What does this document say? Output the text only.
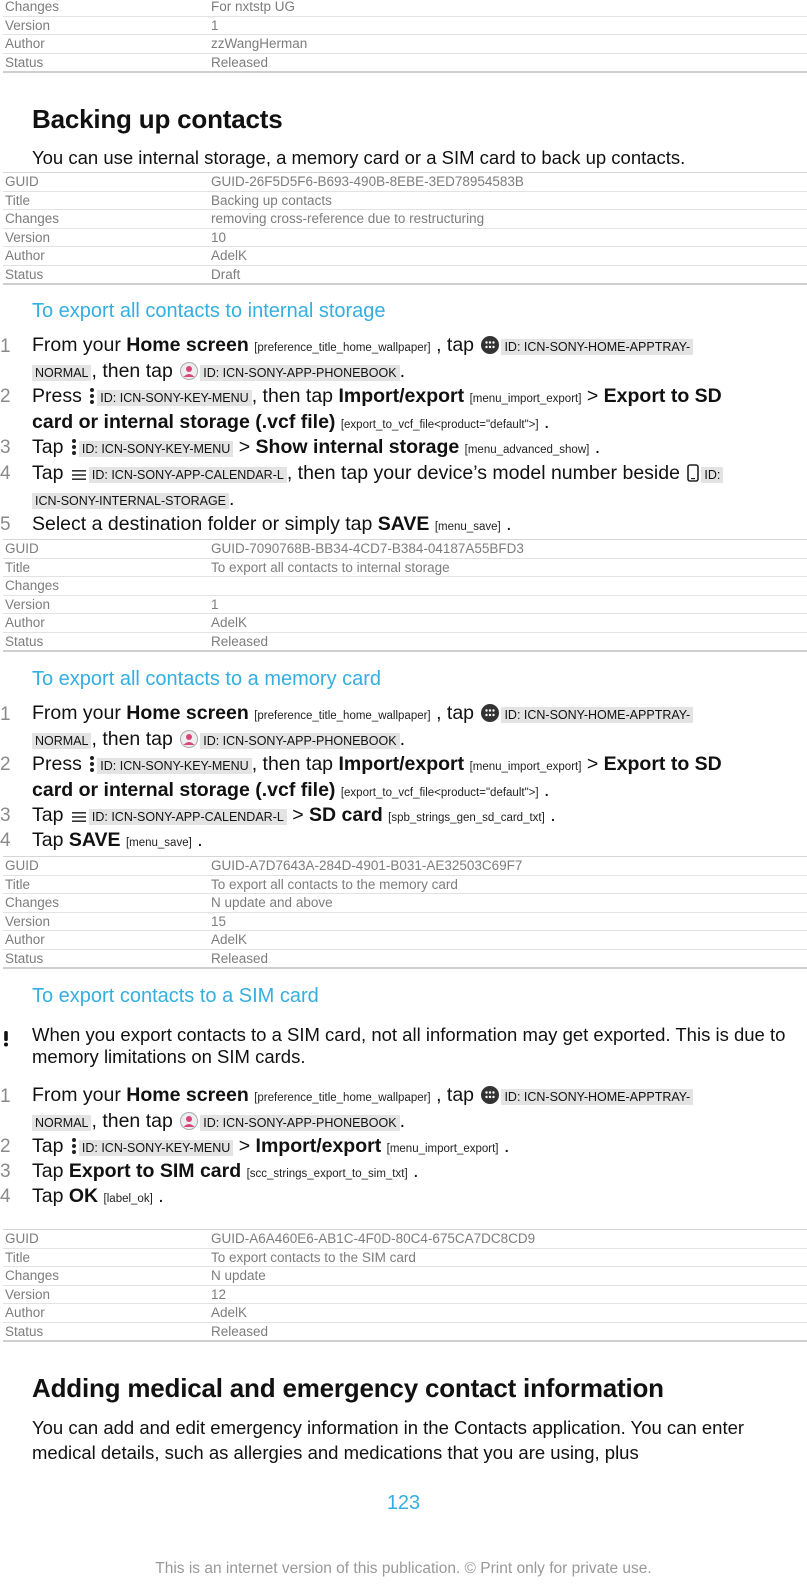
Changes	For nxtstp UG
Version	1
Author	zzWangHerman
Status	Released
Backing up contacts
You can use internal storage, a memory card or a SIM card to back up contacts.
GUID	GUID-26F5D5F6-B693-490B-8EBE-3ED78954583B
Title	Backing up contacts
Changes	removing cross-reference due to restructuring
Version	10
Author	AdelK
Status	Draft
To export all contacts to internal storage
1 From your Home screen [preference_title_home_wallpaper] , tap ID: ICN-SONY-HOME-APPTRAY-
NORMAL , then tap ID: ICN-SONY-APP-PHONEBOOK .
2 Press ID: ICN-SONY-KEY-MENU , then tap Import/export [menu_import_export] > Export to SD
card or internal storage (.vcf file) [export_to_vcf_file<product="default">] .
3 Tap ID: ICN-SONY-KEY-MENU > Show internal storage [menu_advanced_show] .
4 Tap ID: ICN-SONY-APP-CALENDAR-L , then tap your device’s model number beside ID:
ICN-SONY-INTERNAL-STORAGE .
5 Select a destination folder or simply tap SAVE [menu_save] .
GUID	GUID-7090768B-BB34-4CD7-B384-04187A55BFD3
Title	To export all contacts to internal storage
Changes
Version	1
Author	AdelK
Status	Released
To export all contacts to a memory card
1 From your Home screen [preference_title_home_wallpaper] , tap ID: ICN-SONY-HOME-APPTRAY-
NORMAL , then tap ID: ICN-SONY-APP-PHONEBOOK .
2 Press ID: ICN-SONY-KEY-MENU , then tap Import/export [menu_import_export] > Export to SD
card or internal storage (.vcf file) [export_to_vcf_file<product="default">] .
3 Tap ID: ICN-SONY-APP-CALENDAR-L > SD card [spb_strings_gen_sd_card_txt] .
4 Tap SAVE [menu_save] .
GUID	GUID-A7D7643A-284D-4901-B031-AE32503C69F7
Title	To export all contacts to the memory card
Changes	N update and above
Version	15
Author	AdelK
Status	Released
To export contacts to a SIM card
When you export contacts to a SIM card, not all information may get exported. This is due to memory limitations on SIM cards.
1 From your Home screen [preference_title_home_wallpaper] , tap ID: ICN-SONY-HOME-APPTRAY-
NORMAL , then tap ID: ICN-SONY-APP-PHONEBOOK .
2 Tap ID: ICN-SONY-KEY-MENU > Import/export [menu_import_export] .
3 Tap Export to SIM card [scc_strings_export_to_sim_txt] .
4 Tap OK [label_ok] .
GUID	GUID-A6A460E6-AB1C-4F0D-80C4-675CA7DC8CD9
Title	To export contacts to the SIM card
Changes	N update
Version	12
Author	AdelK
Status	Released
Adding medical and emergency contact information
You can add and edit emergency information in the Contacts application. You can enter medical details, such as allergies and medications that you are using, plus
123
This is an internet version of this publication. © Print only for private use.
